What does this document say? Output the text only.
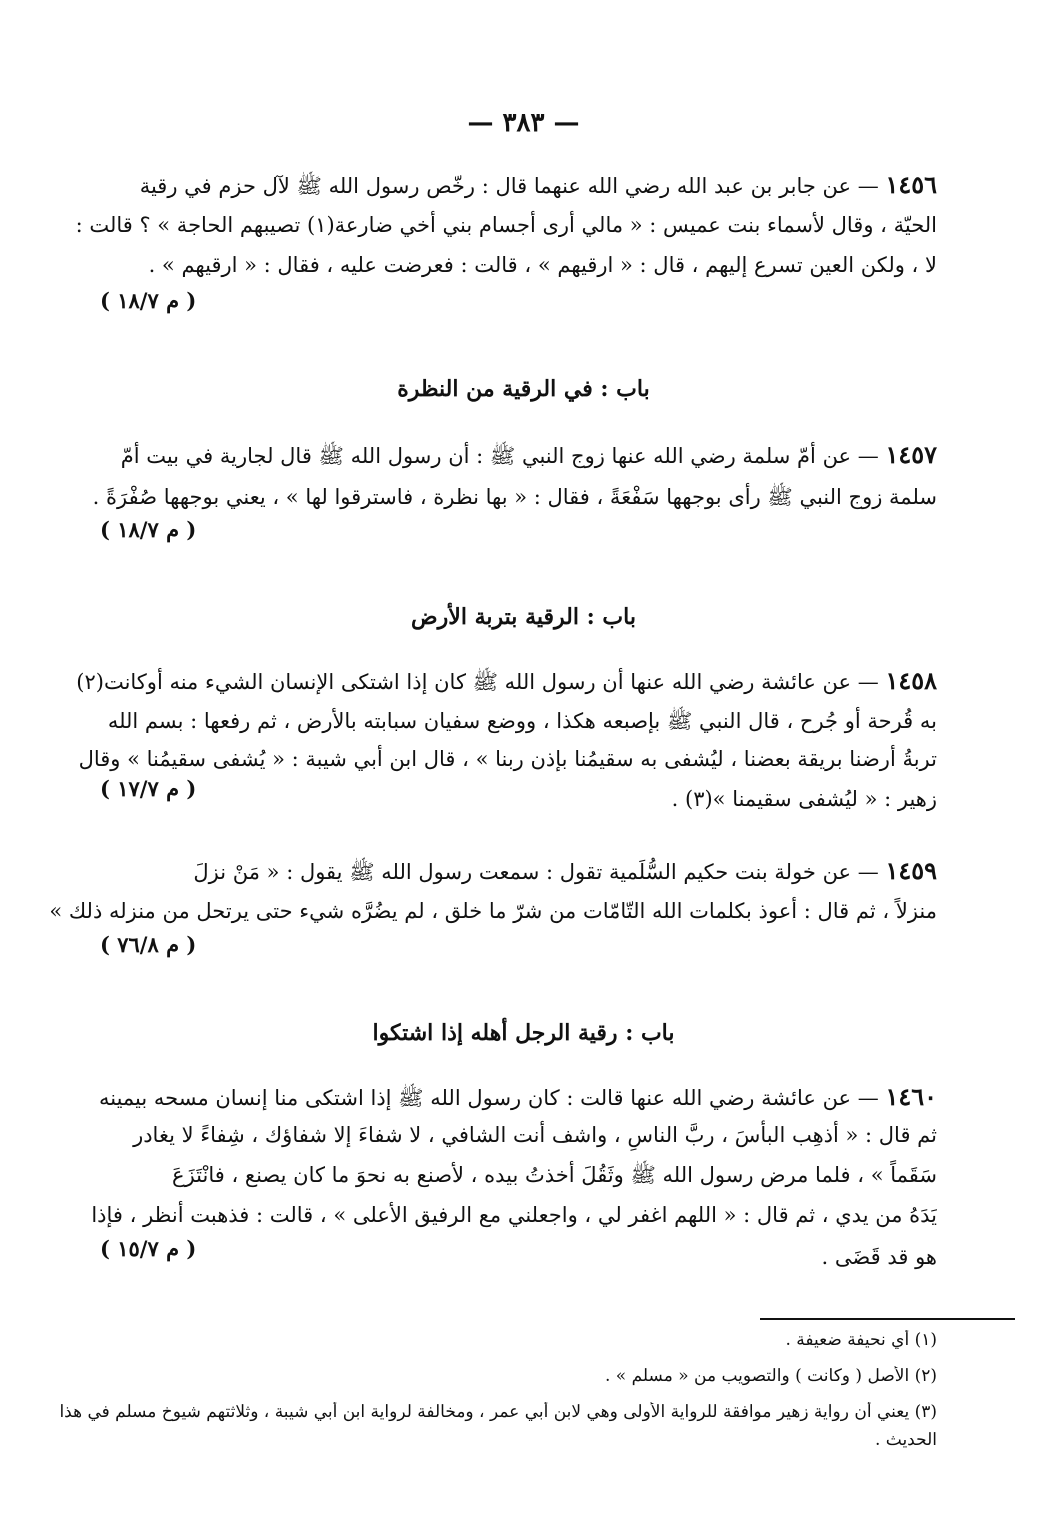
— ٣٨٣ —
١٤٥٦ — عن جابر بن عبد الله رضي الله عنهما قال : رخّص رسول الله ﷺ لآل حزم في رقية
الحيّة ، وقال لأسماء بنت عميس : « مالي أرى أجسام بني أخي ضارعة(١) تصيبهم الحاجة » ؟ قالت :
لا ، ولكن العين تسرع إليهم ، قال : « ارقيهم » ، قالت : فعرضت عليه ، فقال : « ارقيهم » .
( م ١٨/٧ )
باب : في الرقية من النظرة
١٤٥٧ — عن أمّ سلمة رضي الله عنها زوج النبي ﷺ : أن رسول الله ﷺ قال لجارية في بيت أمّ
سلمة زوج النبي ﷺ رأى بوجهها سَفْعَةً ، فقال : « بها نظرة ، فاسترقوا لها » ، يعني بوجهها صُفْرَةً .
( م ١٨/٧ )
باب : الرقية بتربة الأرض
١٤٥٨ — عن عائشة رضي الله عنها أن رسول الله ﷺ كان إذا اشتكى الإنسان الشيء منه أوكانت(٢)
به قُرحة أو جُرح ، قال النبي ﷺ بإصبعه هكذا ، ووضع سفيان سبابته بالأرض ، ثم رفعها : بسم الله
تربةُ أرضنا بريقة بعضنا ، ليُشفى به سقيمُنا بإذن ربنا » ، قال ابن أبي شيبة : « يُشفى سقيمُنا » وقال
زهير : « ليُشفى سقيمنا »(٣) .
( م ١٧/٧ )
١٤٥٩ — عن خولة بنت حكيم السُّلَمية تقول : سمعت رسول الله ﷺ يقول : « مَنْ نزلَ
منزلاً ، ثم قال : أعوذ بكلمات الله التّامّات من شرّ ما خلق ، لم يضُرَّه شيء حتى يرتحل من منزله ذلك »
( م ٧٦/٨ )
باب : رقية الرجل أهله إذا اشتكوا
١٤٦٠ — عن عائشة رضي الله عنها قالت : كان رسول الله ﷺ إذا اشتكى منا إنسان مسحه بيمينه
ثم قال : « أذهِب البأسَ ، ربَّ الناسِ ، واشف أنت الشافي ، لا شفاءَ إلا شفاؤك ، شِفاءً لا يغادر
سَقَماً » ، فلما مرض رسول الله ﷺ وثَقُلَ أخذتُ بيده ، لأصنع به نحوَ ما كان يصنع ، فانْتَزَعَ
يَدَهُ من يدي ، ثم قال : « اللهم اغفر لي ، واجعلني مع الرفيق الأعلى » ، قالت : فذهبت أنظر ، فإذا
هو قد قَضَى .
( م ١٥/٧ )
(١) أي نحيفة ضعيفة .
(٢) الأصل ( وكانت ) والتصويب من « مسلم » .
(٣) يعني أن رواية زهير موافقة للرواية الأولى وهي لابن أبي عمر ، ومخالفة لرواية ابن أبي شيبة ، وثلاثتهم شيوخ مسلم في هذا
الحديث .
